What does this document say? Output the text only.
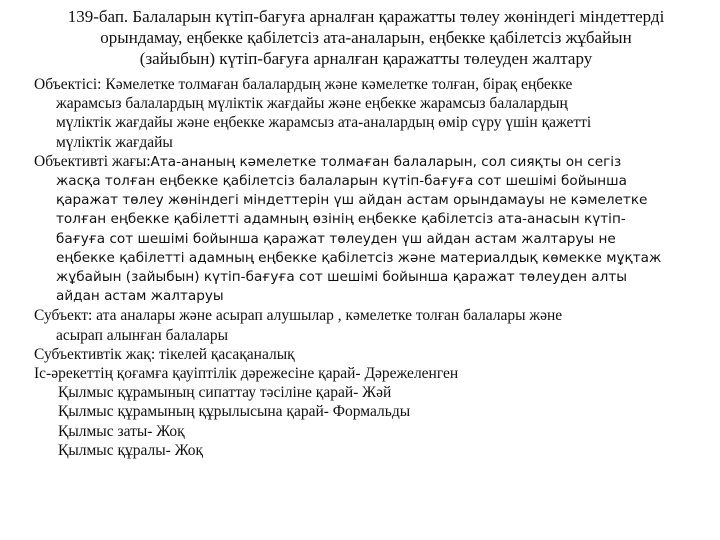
139-бап. Балаларын күтіп-бағуға арналған қаражатты төлеу жөніндегі міндеттерді
орындамау, еңбекке қабілетсіз ата-аналарын, еңбекке қабілетсіз жұбайын
(зайыбын) күтіп-бағуға арналған қаражатты төлеуден жалтару

Объектісі: Кәмелетке толмаған балалардың және кәмелетке толған, бірақ еңбекке
жарамсыз балалардың мүліктік жағдайы және еңбекке жарамсыз балалардың
мүліктік жағдайы және еңбекке жарамсыз ата-аналардың өмір сүру үшін қажетті
мүліктік жағдайы

Объективті жағы:Ата-ананың кәмелетке толмаған балаларын, сол сияқты он сегіз
жасқа толған еңбекке қабілетсіз балаларын күтіп-бағуға сот шешімі бойынша
қаражат төлеу жөніндегі міндеттерін үш айдан астам орындамауы не кәмелетке
толған еңбекке қабілетті адамның өзінің еңбекке қабілетсіз ата-анасын күтіп-
бағуға сот шешімі бойынша қаражат төлеуден үш айдан астам жалтаруы не
еңбекке қабілетті адамның еңбекке қабілетсіз және материалдық көмекке мұқтаж
жұбайын (зайыбын) күтіп-бағуға сот шешімі бойынша қаражат төлеуден алты
айдан астам жалтаруы

Субъект: ата аналары және асырап алушылар , кәмелетке толған балалары және
асырап алынған балалары

Субъективтік жақ: тікелей қасақаналық

Іс-әрекеттің қоғамға қауіптілік дәрежесіне қарай- Дәрежеленген

Қылмыс құрамының сипаттау тәсіліне қарай- Жәй
Қылмыс құрамының құрылысына қарай- Формальды
Қылмыс заты- Жоқ
Қылмыс құралы- Жоқ
